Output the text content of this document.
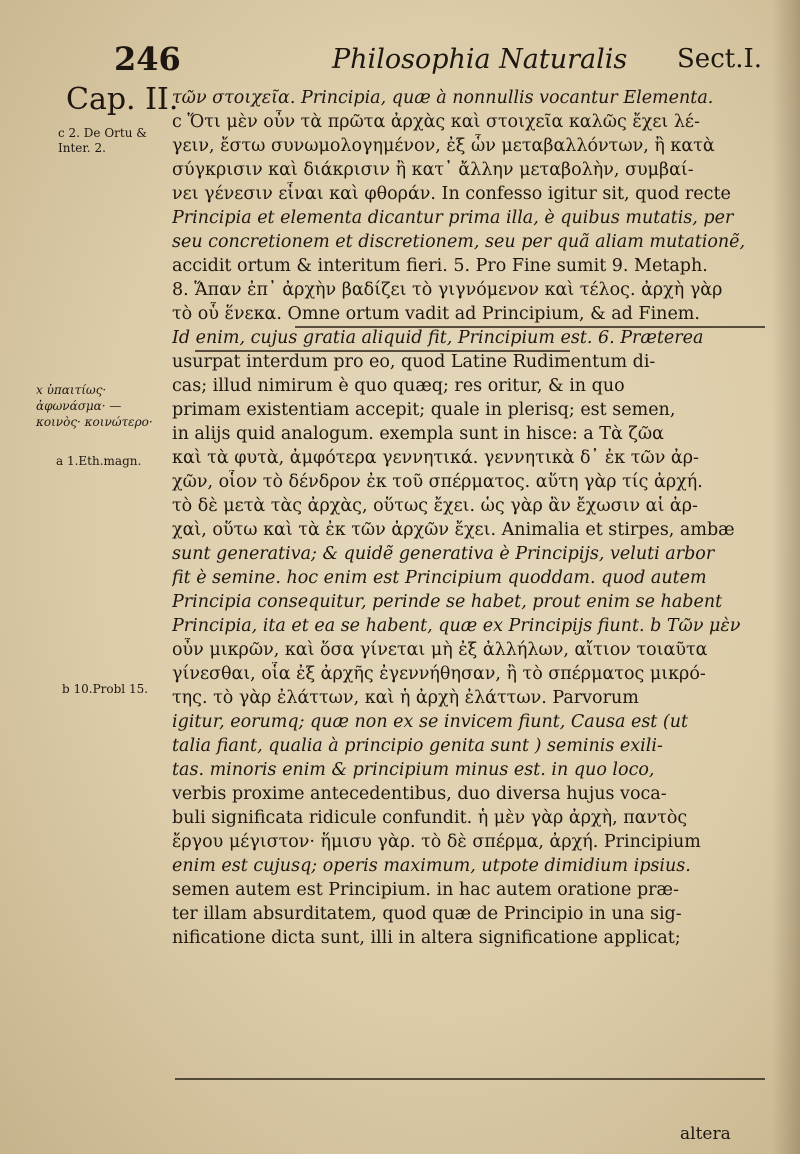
246	Philosophia Naturalis Sect.I.
Cap. II.
c 2. De Ortu & Inter. 2.
x ὑπαιτίως· ἀφωνάσμα· — κοινὸς· κοινώτερο·
a 1.Eth.magn.
b 10.Probl 15.
τῶν στοιχεῖα. Principia, quæ à nonnullis vocantur Elementa.
c Ὅτι μὲν οὖν τὰ πρῶτα ἀρχὰς καὶ στοιχεῖα καλῶς ἔχει λέ-
γειν, ἔστω συνωμολογημένον, ἐξ ὧν μεταβαλλόντων, ἢ κατὰ
σύγκρισιν καὶ διάκρισιν ἢ κατ᾽ ἄλλην μεταβολὴν, συμβαί-
νει γένεσιν εἶναι καὶ φθοράν. In confesso igitur sit, quod recte
Principia et elementa dicantur prima illa, è quibus mutatis, per
seu concretionem et discretionem, seu per quã aliam mutationẽ,
accidit ortum & interitum fieri. 5. Pro Fine sumit 9. Metaph.
8. Ἅπαν ἐπ᾽ ἀρχὴν βαδίζει τὸ γιγνόμενον καὶ τέλος. ἀρχὴ γὰρ
τὸ οὗ ἕνεκα. Omne ortum vadit ad Principium, & ad Finem.
Id enim, cujus gratia aliquid fit, Principium est. 6. Præterea
usurpat interdum pro eo, quod Latine Rudimentum di-
cas; illud nimirum è quo quæq; res oritur, & in quo
primam existentiam accepit; quale in plerisq; est semen,
in alijs quid analogum. exempla sunt in hisce: a Τὰ ζῶα
καὶ τὰ φυτὰ, ἀμφότερα γεννητικά. γεννητικὰ δ᾽ ἐκ τῶν ἀρ-
χῶν, οἷον τὸ δένδρον ἐκ τοῦ σπέρματος. αὕτη γὰρ τίς ἀρχή.
τὸ δὲ μετὰ τὰς ἀρχὰς, οὕτως ἔχει. ὡς γὰρ ἂν ἔχωσιν αἱ ἀρ-
χαὶ, οὕτω καὶ τὰ ἐκ τῶν ἀρχῶν ἔχει. Animalia et stirpes, ambæ
sunt generativa; & quidẽ generativa è Principijs, veluti arbor
fit è semine. hoc enim est Principium quoddam. quod autem
Principia consequitur, perinde se habet, prout enim se habent
Principia, ita et ea se habent, quæ ex Principijs fiunt. b Τῶν μὲν
οὖν μικρῶν, καὶ ὅσα γίνεται μὴ ἐξ ἀλλήλων, αἴτιον τοιαῦτα
γίνεσθαι, οἷα ἐξ ἀρχῆς ἐγεννήθησαν, ἢ τὸ σπέρματος μικρό-
της. τὸ γὰρ ἐλάττων, καὶ ἡ ἀρχὴ ἐλάττων. Parvorum
igitur, eorumq; quæ non ex se invicem fiunt, Causa est (ut
talia fiant, qualia à principio genita sunt ) seminis exili-
tas. minoris enim & principium minus est. in quo loco,
verbis proxime antecedentibus, duo diversa hujus voca-
buli significata ridicule confundit. ἡ μὲν γὰρ ἀρχὴ, παντὸς
ἔργου μέγιστον· ἥμισυ γὰρ. τὸ δὲ σπέρμα, ἀρχή. Principium
enim est cujusq; operis maximum, utpote dimidium ipsius.
semen autem est Principium. in hac autem oratione præ-
ter illam absurditatem, quod quæ de Principio in una sig-
nificatione dicta sunt, illi in altera significatione applicat;
altera
